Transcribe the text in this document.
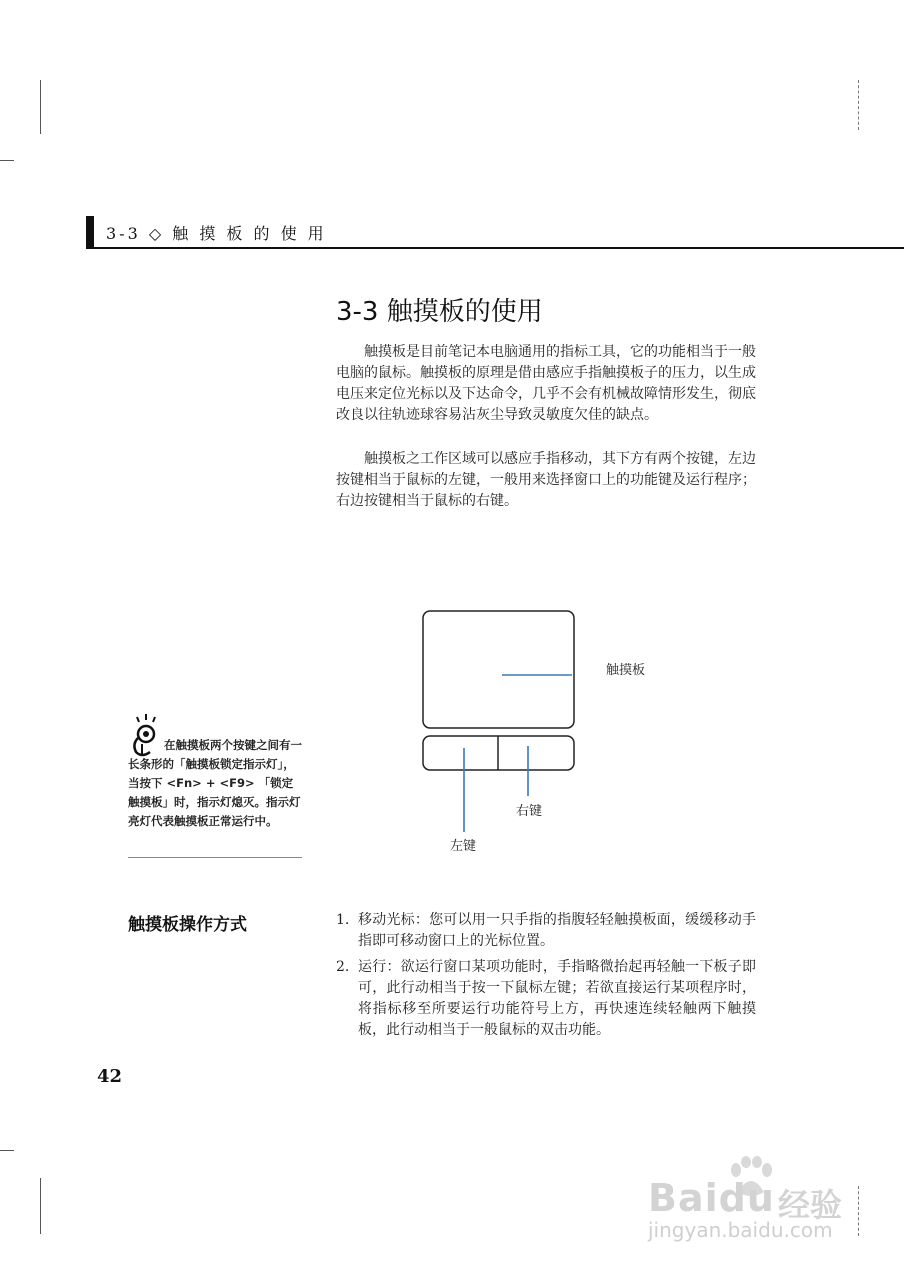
3-3 ◇ 触 摸 板 的 使 用
3-3 触摸板的使用
触摸板是目前笔记本电脑通用的指标工具，它的功能相当于一般电脑的鼠标。触摸板的原理是借由感应手指触摸板子的压力，以生成电压来定位光标以及下达命令，几乎不会有机械故障情形发生，彻底改良以往轨迹球容易沾灰尘导致灵敏度欠佳的缺点。
触摸板之工作区域可以感应手指移动，其下方有两个按键，左边按键相当于鼠标的左键，一般用来选择窗口上的功能键及运行程序；右边按键相当于鼠标的右键。
触摸板
右键
左键
在触摸板两个按键之间有一长条形的「触摸板锁定指示灯」，当按下 <Fn> + <F9> 「锁定触摸板」时，指示灯熄灭。指示灯亮灯代表触摸板正常运行中。
触摸板操作方式	1. 移动光标：您可以用一只手指的指腹轻轻触摸板面，缓缓移动手指即可移动窗口上的光标位置。
2. 运行：欲运行窗口某项功能时，手指略微抬起再轻触一下板子即可，此行动相当于按一下鼠标左键；若欲直接运行某项程序时，将指标移至所要运行功能符号上方，再快速连续轻触两下触摸板，此行动相当于一般鼠标的双击功能。
42
Baidu 经验
jingyan.baidu.com
